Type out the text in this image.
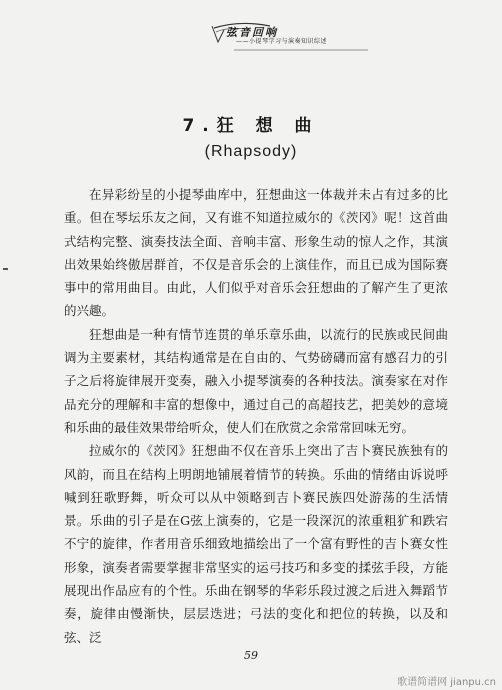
弦音回响
——小提琴学习与演奏知识综述
7.狂 想 曲
(Rhapsody)

在异彩纷呈的小提琴曲库中，狂想曲这一体裁并未占有过多的比重。但在琴坛乐友之间，又有谁不知道拉威尔的《茨冈》呢！这首曲式结构完整、演奏技法全面、音响丰富、形象生动的惊人之作，其演出效果始终傲居群首，不仅是音乐会的上演佳作，而且已成为国际赛事中的常用曲目。由此，人们似乎对音乐会狂想曲的了解产生了更浓的兴趣。

狂想曲是一种有情节连贯的单乐章乐曲，以流行的民族或民间曲调为主要素材，其结构通常是在自由的、气势磅礴而富有感召力的引子之后将旋律展开变奏，融入小提琴演奏的各种技法。演奏家在对作品充分的理解和丰富的想像中，通过自己的高超技艺，把美妙的意境和乐曲的最佳效果带给听众，使人们在欣赏之余常常回味无穷。

拉威尔的《茨冈》狂想曲不仅在音乐上突出了吉卜赛民族独有的风韵，而且在结构上明朗地铺展着情节的转换。乐曲的情绪由诉说呼喊到狂歌野舞，听众可以从中领略到吉卜赛民族四处游荡的生活情景。乐曲的引子是在G弦上演奏的，它是一段深沉的浓重粗犷和跌宕不宁的旋律，作者用音乐细致地描绘出了一个富有野性的吉卜赛女性形象，演奏者需要掌握非常坚实的运弓技巧和多变的揉弦手段，方能展现出作品应有的个性。乐曲在钢琴的华彩乐段过渡之后进入舞蹈节奏，旋律由慢渐快，层层迭进；弓法的变化和把位的转换，以及和弦、泛

59
歌谱简谱网 jianpu.cn
